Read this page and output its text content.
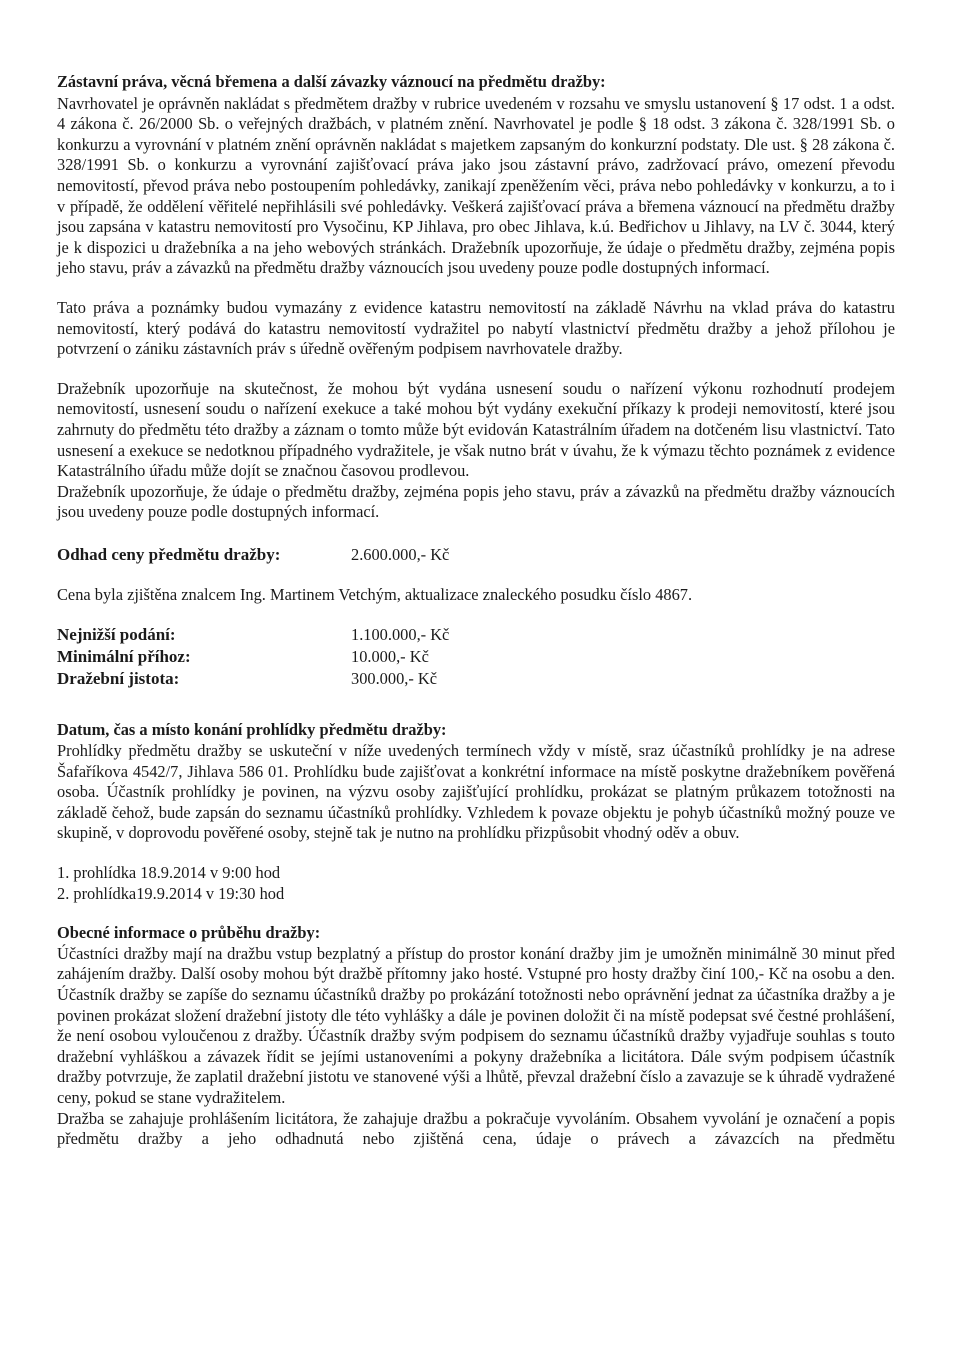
Zástavní práva, věcná břemena a další závazky váznoucí na předmětu dražby:

Navrhovatel je oprávněn nakládat s předmětem dražby v rubrice uvedeném v rozsahu ve smyslu ustanovení § 17 odst. 1 a odst. 4 zákona č. 26/2000 Sb. o veřejných dražbách, v platném znění. Navrhovatel je podle § 18 odst. 3 zákona č. 328/1991 Sb. o konkurzu a vyrovnání v platném znění oprávněn nakládat s majetkem zapsaným do konkurzní podstaty. Dle ust. § 28 zákona č. 328/1991 Sb. o konkurzu a vyrovnání zajišťovací práva jako jsou zástavní právo, zadržovací právo, omezení převodu nemovitostí, převod práva nebo postoupením pohledávky, zanikají zpeněžením věci, práva nebo pohledávky v konkurzu, a to i v případě, že oddělení věřitelé nepřihlásili své pohledávky. Veškerá zajišťovací práva a břemena váznoucí na předmětu dražby jsou zapsána v katastru nemovitostí pro Vysočinu, KP Jihlava, pro obec Jihlava, k.ú. Bedřichov u Jihlavy, na LV č. 3044, který je k dispozici u dražebníka a na jeho webových stránkách. Dražebník upozorňuje, že údaje o předmětu dražby, zejména popis jeho stavu, práv a závazků na předmětu dražby váznoucích jsou uvedeny pouze podle dostupných informací.

Tato práva a poznámky budou vymazány z evidence katastru nemovitostí na základě Návrhu na vklad práva do katastru nemovitostí, který podává do katastru nemovitostí vydražitel po nabytí vlastnictví předmětu dražby a jehož přílohou je potvrzení o zániku zástavních práv s úředně ověřeným podpisem navrhovatele dražby.

Dražebník upozorňuje na skutečnost, že mohou být vydána usnesení soudu o nařízení výkonu rozhodnutí prodejem nemovitostí, usnesení soudu o nařízení exekuce a také mohou být vydány exekuční příkazy k prodeji nemovitostí, které jsou zahrnuty do předmětu této dražby a záznam o tomto může být evidován Katastrálním úřadem na dotčeném lisu vlastnictví. Tato usnesení a exekuce se nedotknou případného vydražitele, je však nutno brát v úvahu, že k výmazu těchto poznámek z evidence Katastrálního úřadu může dojít se značnou časovou prodlevou.

Dražebník upozorňuje, že údaje o předmětu dražby, zejména popis jeho stavu, práv a závazků na předmětu dražby váznoucích jsou uvedeny pouze podle dostupných informací.

Odhad ceny předmětu dražby:	2.600.000,- Kč

Cena byla zjištěna znalcem Ing. Martinem Vetchým, aktualizace znaleckého posudku číslo 4867.

Nejnižší podání:	1.100.000,- Kč
Minimální příhoz:	10.000,- Kč
Dražební jistota:	300.000,- Kč
Datum, čas a místo konání prohlídky předmětu dražby:

Prohlídky předmětu dražby se uskuteční v níže uvedených termínech vždy v místě, sraz účastníků prohlídky je na adrese Šafaříkova 4542/7, Jihlava 586 01. Prohlídku bude zajišťovat a konkrétní informace na místě poskytne dražebníkem pověřená osoba. Účastník prohlídky je povinen, na výzvu osoby zajišťující prohlídku, prokázat se platným průkazem totožnosti na základě čehož, bude zapsán do seznamu účastníků prohlídky. Vzhledem k povaze objektu je pohyb účastníků možný pouze ve skupině, v doprovodu pověřené osoby, stejně tak je nutno na prohlídku přizpůsobit vhodný oděv a obuv.

1. prohlídka 18.9.2014 v 9:00 hod
2. prohlídka19.9.2014 v 19:30 hod
Obecné informace o průběhu dražby:

Účastníci dražby mají na dražbu vstup bezplatný a přístup do prostor konání dražby jim je umožněn minimálně 30 minut před zahájením dražby. Další osoby mohou být dražbě přítomny jako hosté. Vstupné pro hosty dražby činí 100,- Kč na osobu a den. Účastník dražby se zapíše do seznamu účastníků dražby po prokázání totožnosti nebo oprávnění jednat za účastníka dražby a je povinen prokázat složení dražební jistoty dle této vyhlášky a dále je povinen doložit či na místě podepsat své čestné prohlášení, že není osobou vyloučenou z dražby. Účastník dražby svým podpisem do seznamu účastníků dražby vyjadřuje souhlas s touto dražební vyhláškou a závazek řídit se jejími ustanoveními a pokyny dražebníka a licitátora. Dále svým podpisem účastník dražby potvrzuje, že zaplatil dražební jistotu ve stanovené výši a lhůtě, převzal dražební číslo a zavazuje se k úhradě vydražené ceny, pokud se stane vydražitelem.

Dražba se zahajuje prohlášením licitátora, že zahajuje dražbu a pokračuje vyvoláním. Obsahem vyvolání je označení a popis předmětu dražby a jeho odhadnutá nebo zjištěná cena, údaje o právech a závazcích na předmětu
